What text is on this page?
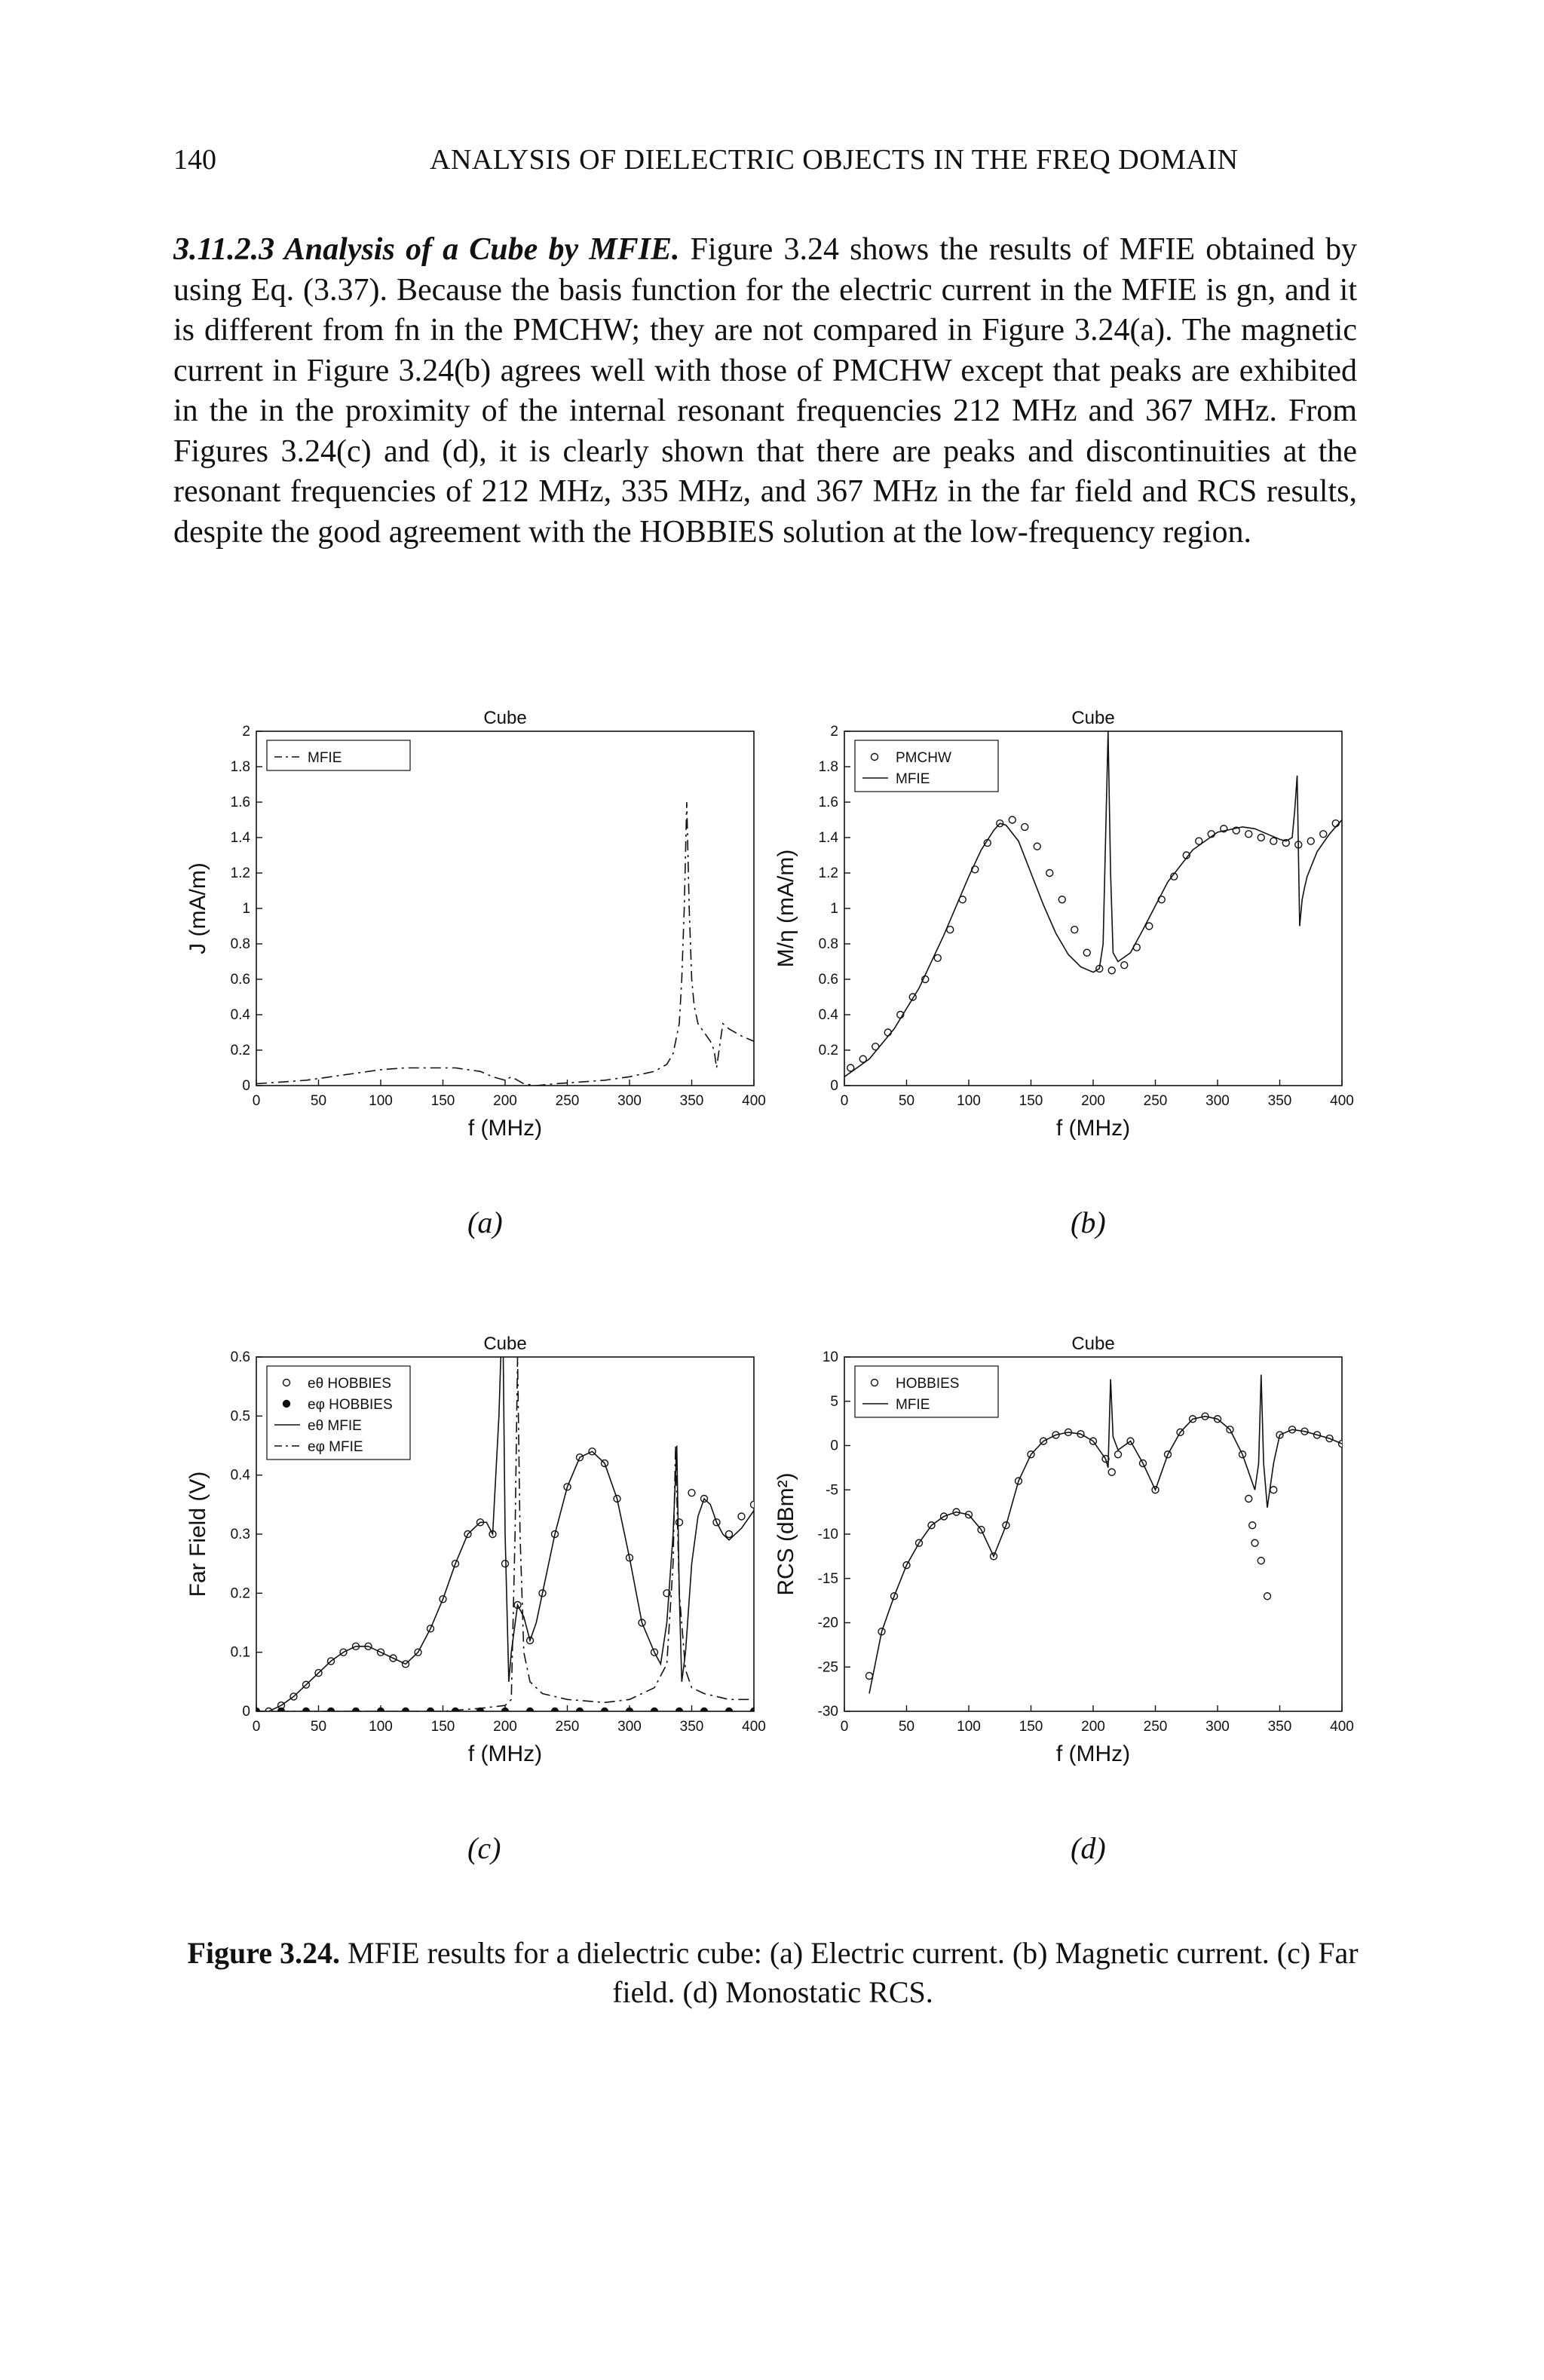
140	ANALYSIS OF DIELECTRIC OBJECTS IN THE FREQ DOMAIN

3.11.2.3 Analysis of a Cube by MFIE. Figure 3.24 shows the results of MFIE obtained by using Eq. (3.37). Because the basis function for the electric current in the MFIE is gn, and it is different from fn in the PMCHW; they are not compared in Figure 3.24(a). The magnetic current in Figure 3.24(b) agrees well with those of PMCHW except that peaks are exhibited in the in the proximity of the internal resonant frequencies 212 MHz and 367 MHz. From Figures 3.24(c) and (d), it is clearly shown that there are peaks and discontinuities at the resonant frequencies of 212 MHz, 335 MHz, and 367 MHz in the far field and RCS results, despite the good agreement with the HOBBIES solution at the low-frequency region.

Cube
0	50	100	150	200	250	300	350	400
0
0.2
0.4
0.6
0.8
1
1.2
1.4
1.6
1.8
2
f (MHz)
J (mA/m)
MFIE
Cube
0	50	100	150	200	250	300	350	400
0
0.2
0.4
0.6
0.8
1
1.2
1.4
1.6
1.8
2
f (MHz)
M/η (mA/m)
PMCHW
MFIE
Cube
0	50	100	150	200	250	300	350	400
0
0.1
0.2
0.3
0.4
0.5
0.6
f (MHz)
Far Field (V)
eθ HOBBIES
eφ HOBBIES
eθ MFIE
eφ MFIE
Cube
0	50	100	150	200	250	300	350	400
-30
-25
-20
-15
-10
-5
0
5
10
f (MHz)
RCS (dBm²)
HOBBIES
MFIE
(a)	(b)
(c)	(d)
Figure 3.24. MFIE results for a dielectric cube: (a) Electric current. (b) Magnetic current. (c) Far field. (d) Monostatic RCS.
